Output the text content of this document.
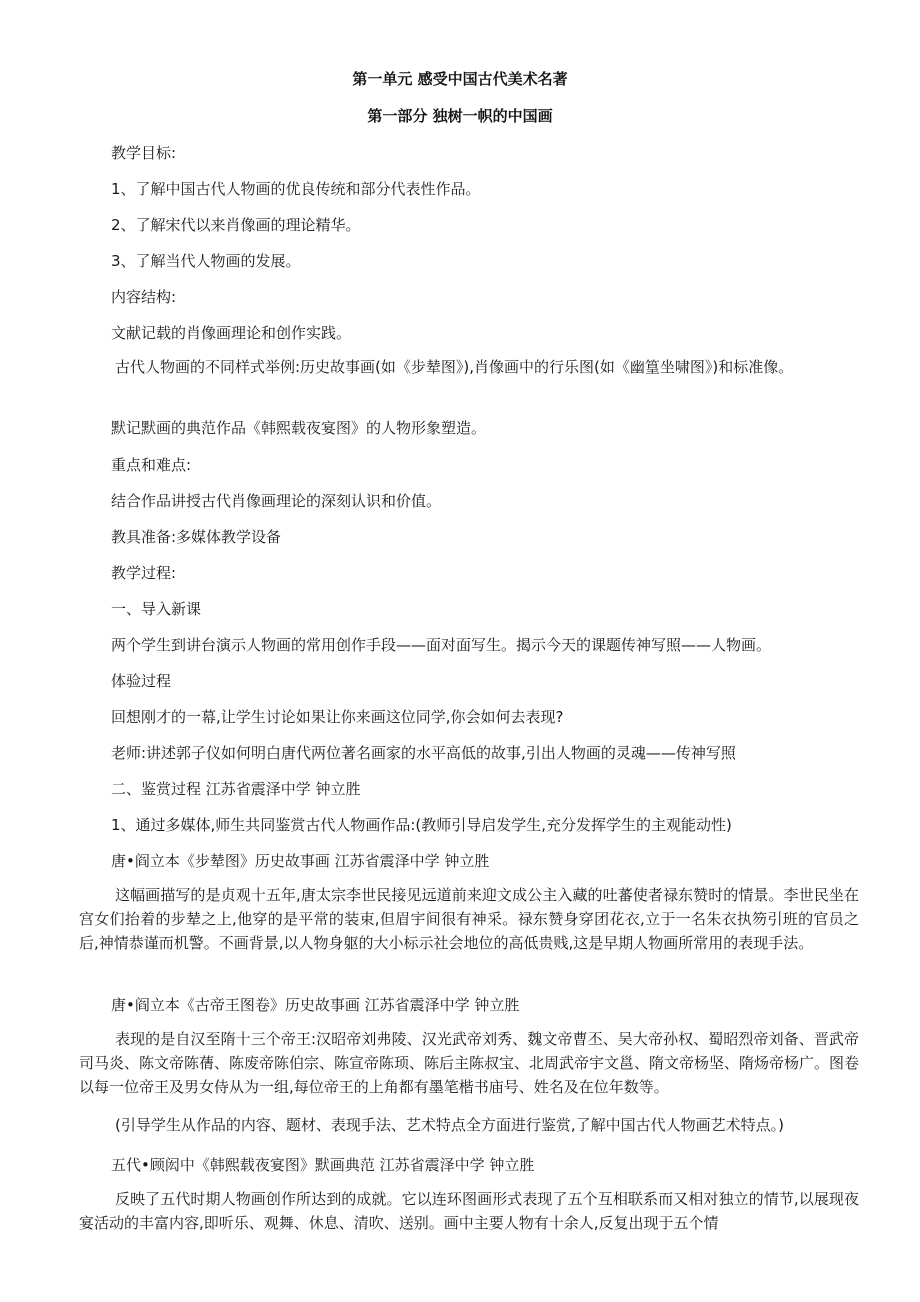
第一单元 感受中国古代美术名著
第一部分 独树一帜的中国画
教学目标:
1、了解中国古代人物画的优良传统和部分代表性作品。
2、了解宋代以来肖像画的理论精华。
3、了解当代人物画的发展。
内容结构:
文献记载的肖像画理论和创作实践。
古代人物画的不同样式举例:历史故事画(如《步辇图》),肖像画中的行乐图(如《幽篁坐啸图》)和标准像。
默记默画的典范作品《韩熙载夜宴图》的人物形象塑造。
重点和难点:
结合作品讲授古代肖像画理论的深刻认识和价值。
教具准备:多媒体教学设备
教学过程:
一、导入新课
两个学生到讲台演示人物画的常用创作手段——面对面写生。揭示今天的课题传神写照——人物画。
体验过程
回想刚才的一幕,让学生讨论如果让你来画这位同学,你会如何去表现?
老师:讲述郭子仪如何明白唐代两位著名画家的水平高低的故事,引出人物画的灵魂——传神写照
二、鉴赏过程 江苏省震泽中学 钟立胜
1、通过多媒体,师生共同鉴赏古代人物画作品:(教师引导启发学生,充分发挥学生的主观能动性)
唐•阎立本《步辇图》历史故事画 江苏省震泽中学 钟立胜
这幅画描写的是贞观十五年,唐太宗李世民接见远道前来迎文成公主入藏的吐蕃使者禄东赞时的情景。李世民坐在宫女们抬着的步辇之上,他穿的是平常的装束,但眉宇间很有神采。禄东赞身穿团花衣,立于一名朱衣执笏引班的官员之后,神情恭谨而机警。不画背景,以人物身躯的大小标示社会地位的高低贵贱,这是早期人物画所常用的表现手法。
唐•阎立本《古帝王图卷》历史故事画 江苏省震泽中学 钟立胜
表现的是自汉至隋十三个帝王:汉昭帝刘弗陵、汉光武帝刘秀、魏文帝曹丕、吴大帝孙权、蜀昭烈帝刘备、晋武帝司马炎、陈文帝陈蒨、陈废帝陈伯宗、陈宣帝陈顼、陈后主陈叔宝、北周武帝宇文邕、隋文帝杨坚、隋炀帝杨广。图卷以每一位帝王及男女侍从为一组,每位帝王的上角都有墨笔楷书庙号、姓名及在位年数等。
(引导学生从作品的内容、题材、表现手法、艺术特点全方面进行鉴赏,了解中国古代人物画艺术特点。)
五代•顾闳中《韩熙载夜宴图》默画典范 江苏省震泽中学 钟立胜
反映了五代时期人物画创作所达到的成就。它以连环图画形式表现了五个互相联系而又相对独立的情节,以展现夜宴活动的丰富内容,即听乐、观舞、休息、清吹、送别。画中主要人物有十余人,反复出现于五个情
